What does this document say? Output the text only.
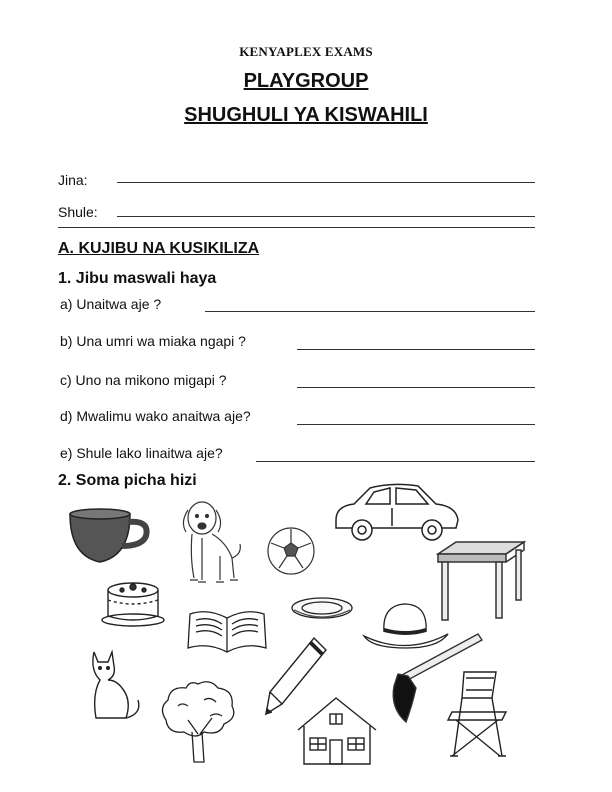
KENYAPLEX EXAMS
PLAYGROUP
SHUGHULI YA KISWAHILI
Jina:
Shule:
A. KUJIBU NA KUSIKILIZA
1. Jibu maswali haya
a) Unaitwa aje ?
b) Una umri wa miaka ngapi ?
c) Uno na mikono migapi ?
d) Mwalimu wako anaitwa aje?
e) Shule lako linaitwa aje?
2. Soma picha hizi
